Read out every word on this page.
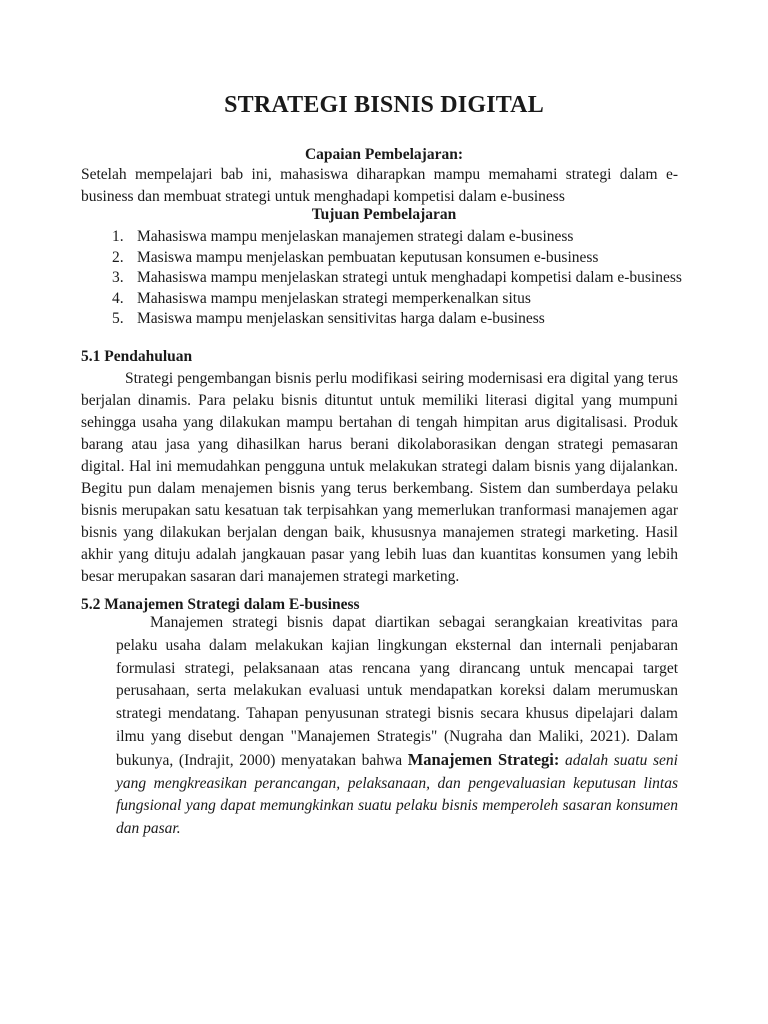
STRATEGI BISNIS DIGITAL

Capaian Pembelajaran:

Setelah mempelajari bab ini, mahasiswa diharapkan mampu memahami strategi dalam e-business dan membuat strategi untuk menghadapi kompetisi dalam e-business

Tujuan Pembelajaran

1. Mahasiswa mampu menjelaskan manajemen strategi dalam e-business
2. Masiswa mampu menjelaskan pembuatan keputusan konsumen e-business
3. Mahasiswa mampu menjelaskan strategi untuk menghadapi kompetisi dalam e-business
4. Mahasiswa mampu menjelaskan strategi memperkenalkan situs
5. Masiswa mampu menjelaskan sensitivitas harga dalam e-business
5.1 Pendahuluan

Strategi pengembangan bisnis perlu modifikasi seiring modernisasi era digital yang terus berjalan dinamis. Para pelaku bisnis dituntut untuk memiliki literasi digital yang mumpuni sehingga usaha yang dilakukan mampu bertahan di tengah himpitan arus digitalisasi. Produk barang atau jasa yang dihasilkan harus berani dikolaborasikan dengan strategi pemasaran digital. Hal ini memudahkan pengguna untuk melakukan strategi dalam bisnis yang dijalankan. Begitu pun dalam menajemen bisnis yang terus berkembang. Sistem dan sumberdaya pelaku bisnis merupakan satu kesatuan tak terpisahkan yang memerlukan tranformasi manajemen agar bisnis yang dilakukan berjalan dengan baik, khususnya manajemen strategi marketing. Hasil akhir yang dituju adalah jangkauan pasar yang lebih luas dan kuantitas konsumen yang lebih besar merupakan sasaran dari manajemen strategi marketing.

5.2 Manajemen Strategi dalam E-business

Manajemen strategi bisnis dapat diartikan sebagai serangkaian kreativitas para pelaku usaha dalam melakukan kajian lingkungan eksternal dan internali penjabaran formulasi strategi, pelaksanaan atas rencana yang dirancang untuk mencapai target perusahaan, serta melakukan evaluasi untuk mendapatkan koreksi dalam merumuskan strategi mendatang. Tahapan penyusunan strategi bisnis secara khusus dipelajari dalam ilmu yang disebut dengan "Manajemen Strategis" (Nugraha dan Maliki, 2021). Dalam bukunya, (Indrajit, 2000) menyatakan bahwa Manajemen Strategi: adalah suatu seni yang mengkreasikan perancangan, pelaksanaan, dan pengevaluasian keputusan lintas fungsional yang dapat memungkinkan suatu pelaku bisnis memperoleh sasaran konsumen dan pasar.
